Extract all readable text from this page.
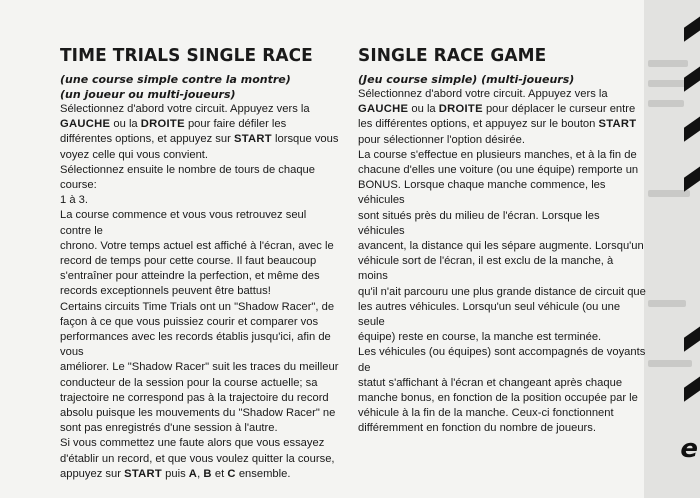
TIME TRIALS SINGLE RACE

(une course simple contre la montre)

(un joueur ou multi-joueurs)

Sélectionnez d'abord votre circuit. Appuyez vers la

GAUCHE ou la DROITE pour faire défiler les

différentes options, et appuyez sur START lorsque vous

voyez celle qui vous convient.

Sélectionnez ensuite le nombre de tours de chaque course:

1 à 3.

La course commence et vous vous retrouvez seul contre le

chrono. Votre temps actuel est affiché à l'écran, avec le

record de temps pour cette course. Il faut beaucoup

s'entraîner pour atteindre la perfection, et même des

records exceptionnels peuvent être battus!

Certains circuits Time Trials ont un "Shadow Racer", de

façon à ce que vous puissiez courir et comparer vos

performances avec les records établis jusqu'ici, afin de vous

améliorer. Le "Shadow Racer" suit les traces du meilleur

conducteur de la session pour la course actuelle; sa

trajectoire ne correspond pas à la trajectoire du record

absolu puisque les mouvements du "Shadow Racer" ne

sont pas enregistrés d'une session à l'autre.

Si vous commettez une faute alors que vous essayez

d'établir un record, et que vous voulez quitter la course,

appuyez sur START puis A, B et C ensemble.

SINGLE RACE GAME

(Jeu course simple) (multi-joueurs)

Sélectionnez d'abord votre circuit. Appuyez vers la

GAUCHE ou la DROITE pour déplacer le curseur entre

les différentes options, et appuyez sur le bouton START

pour sélectionner l'option désirée.

La course s'effectue en plusieurs manches, et à la fin de

chacune d'elles une voiture (ou une équipe) remporte un

BONUS. Lorsque chaque manche commence, les véhicules

sont situés près du milieu de l'écran. Lorsque les véhicules

avancent, la distance qui les sépare augmente. Lorsqu'un

véhicule sort de l'écran, il est exclu de la manche, à moins

qu'il n'ait parcouru une plus grande distance de circuit que

les autres véhicules. Lorsqu'un seul véhicule (ou une seule

équipe) reste en course, la manche est terminée.

Les véhicules (ou équipes) sont accompagnés de voyants de

statut s'affichant à l'écran et changeant après chaque

manche bonus, en fonction de la position occupée par le

véhicule à la fin de la manche. Ceux-ci fonctionnent

différemment en fonction du nombre de joueurs.

e
